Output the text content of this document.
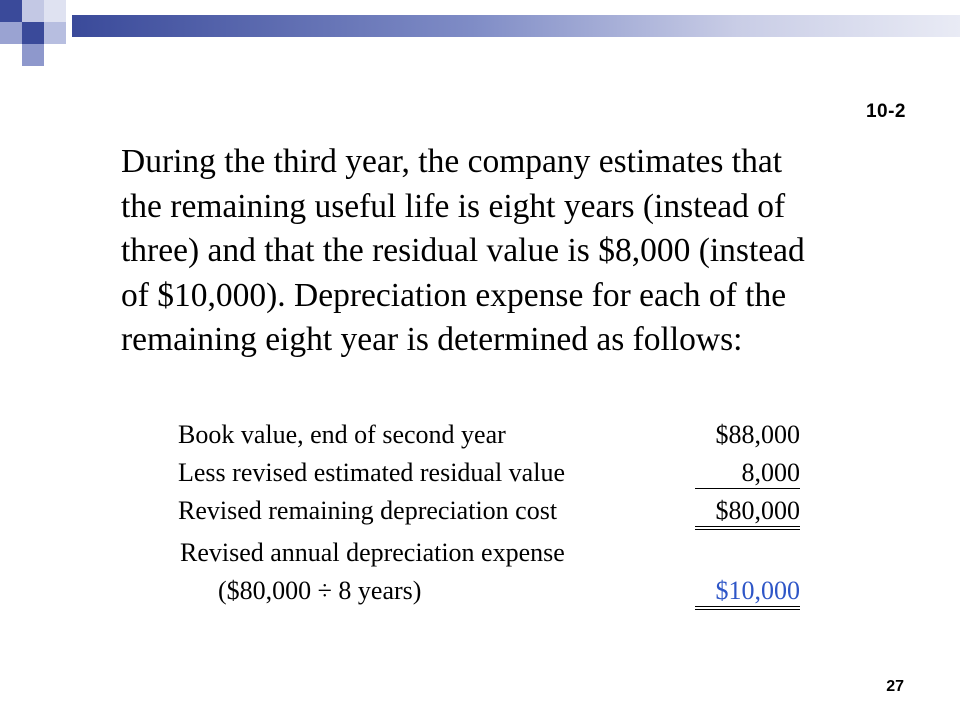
10-2

During the third year, the company estimates that the remaining useful life is eight years (instead of three) and that the residual value is $8,000 (instead of $10,000). Depreciation expense for each of the remaining eight year is determined as follows:

Book value, end of second year	$88,000
Less revised estimated residual value	8,000
Revised remaining depreciation cost	$80,000
Revised annual depreciation expense
($80,000 ÷ 8 years)	$10,000
27
